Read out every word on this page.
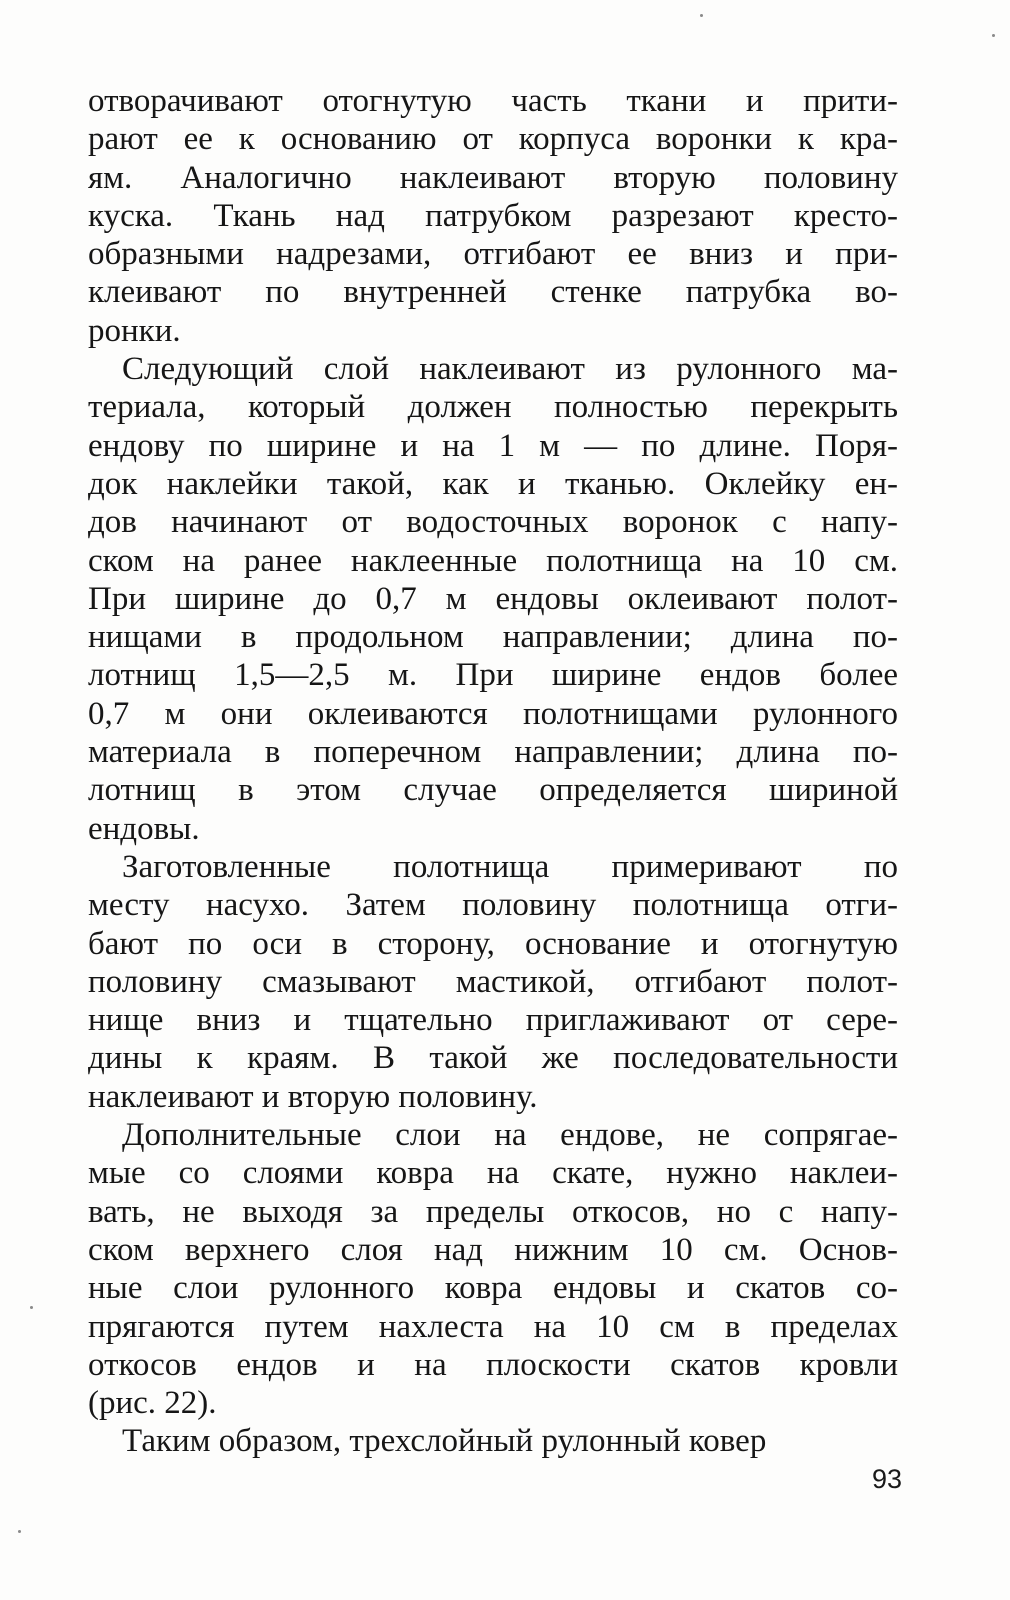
отворачивают отогнутую часть ткани и прити-
рают ее к основанию от корпуса воронки к кра-
ям. Аналогично наклеивают вторую половину
куска. Ткань над патрубком разрезают кресто-
образными надрезами, отгибают ее вниз и при-
клеивают по внутренней стенке патрубка во-
ронки.
Следующий слой наклеивают из рулонного ма-
териала, который должен полностью перекрыть
ендову по ширине и на 1 м — по длине. Поря-
док наклейки такой, как и тканью. Оклейку ен-
дов начинают от водосточных воронок с напу-
ском на ранее наклеенные полотнища на 10 см.
При ширине до 0,7 м ендовы оклеивают полот-
нищами в продольном направлении; длина по-
лотнищ 1,5—2,5 м. При ширине ендов более
0,7 м они оклеиваются полотнищами рулонного
материала в поперечном направлении; длина по-
лотнищ в этом случае определяется шириной
ендовы.
Заготовленные полотнища примеривают по
месту насухо. Затем половину полотнища отги-
бают по оси в сторону, основание и отогнутую
половину смазывают мастикой, отгибают полот-
нище вниз и тщательно приглаживают от сере-
дины к краям. В такой же последовательности
наклеивают и вторую половину.
Дополнительные слои на ендове, не сопрягае-
мые со слоями ковра на скате, нужно наклеи-
вать, не выходя за пределы откосов, но с напу-
ском верхнего слоя над нижним 10 см. Основ-
ные слои рулонного ковра ендовы и скатов со-
прягаются путем нахлеста на 10 см в пределах
откосов ендов и на плоскости скатов кровли
(рис. 22).
Таким образом, трехслойный рулонный ковер
93
